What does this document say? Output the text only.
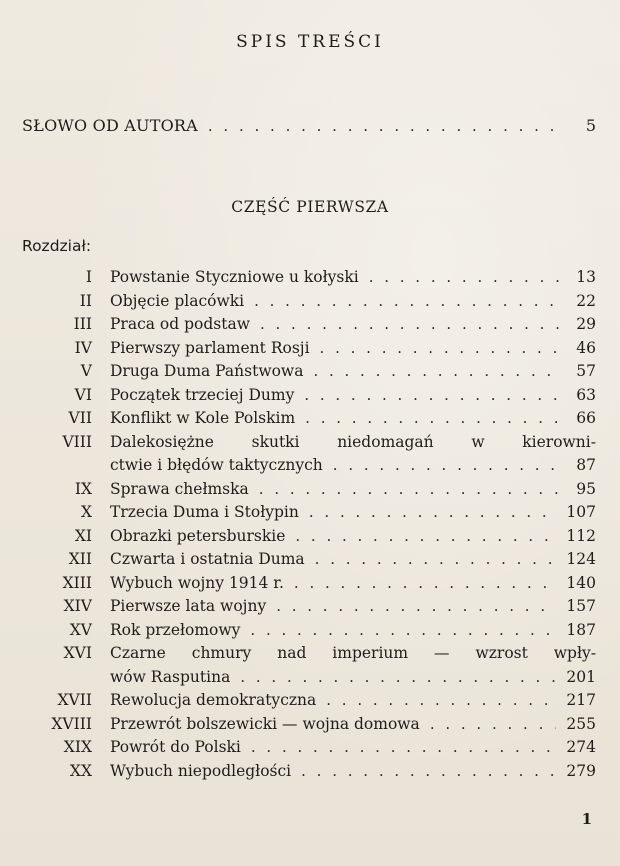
SPIS TREŚCI
SŁOWO OD AUTORA . . .	5
CZĘŚĆ PIERWSZA
Rozdział:
I Powstanie Styczniowe u kołyski . . .	13
II Objęcie placówki . . .	22
III Praca od podstaw . . .	29
IV Pierwszy parlament Rosji . . .	46
V Druga Duma Państwowa . . .	57
VI Początek trzeciej Dumy . . .	63
VII Konflikt w Kole Polskim . . .	66
VIII Dalekosiężne skutki niedomagań w kierowni-
ctwie i błędów taktycznych . . .	87
IX Sprawa chełmska . . .	95
X Trzecia Duma i Stołypin . . .	107
XI Obrazki petersburskie . . .	112
XII Czwarta i ostatnia Duma . . .	124
XIII Wybuch wojny 1914 r. . . .	140
XIV Pierwsze lata wojny . . .	157
XV Rok przełomowy . . .	187
XVI Czarne chmury nad imperium — wzrost wpły-
wów Rasputina . . .	201
XVII Rewolucja demokratyczna . . .	217
XVIII Przewrót bolszewicki — wojna domowa . . .	255
XIX Powrót do Polski . . .	274
XX Wybuch niepodległości . . .	279
1
